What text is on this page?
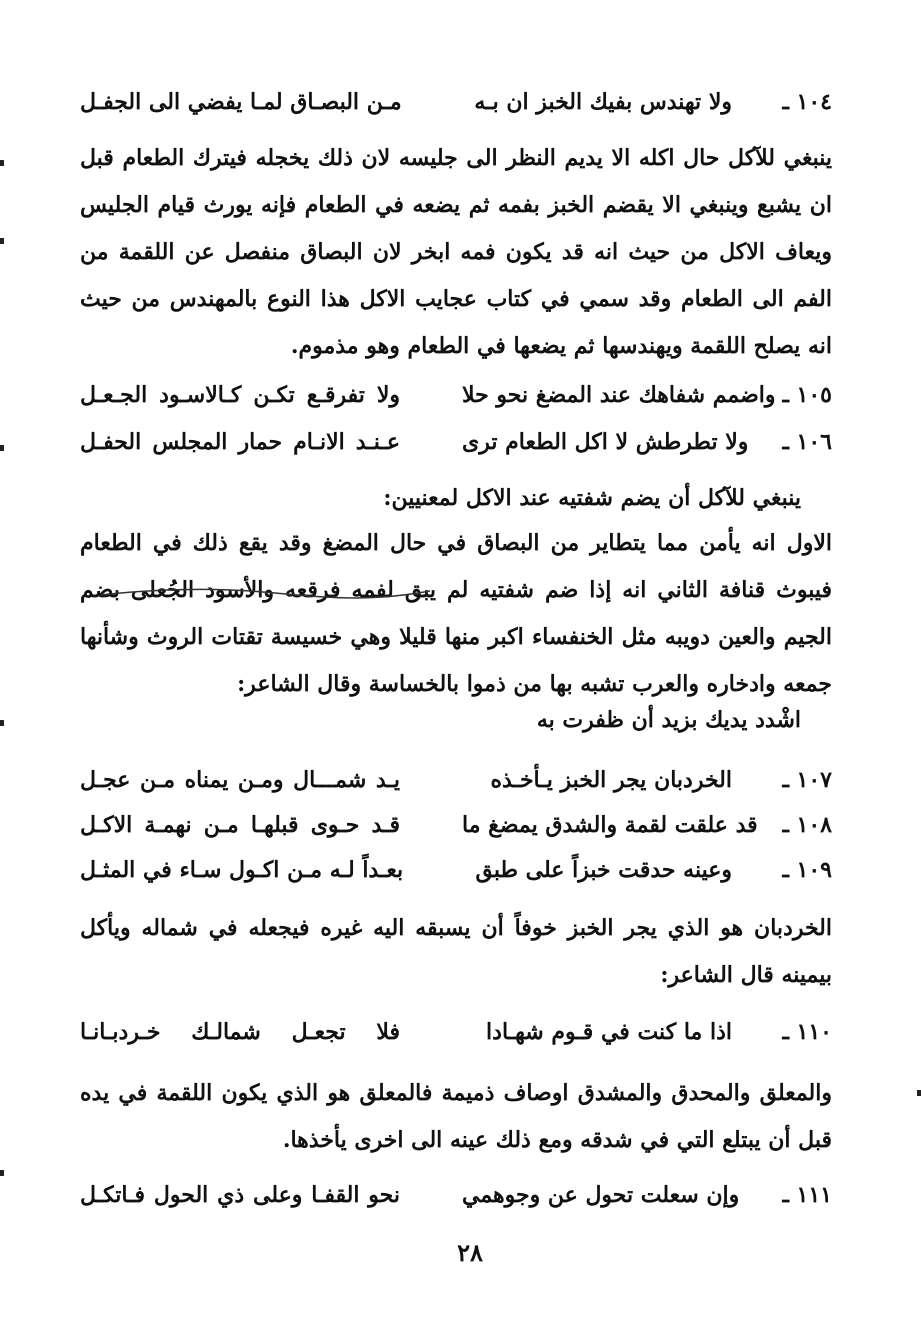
١٠٤ ـ
ولا تهندس بفيك الخبز ان بـه
مـن البصـاق لمـا يفضي الى الجفـل
ينبغي للآكل حال اكله الا يديم النظر الى جليسه لان ذلك يخجله فيترك الطعام قبل ان يشبع وينبغي الا يقضم الخبز بفمه ثم يضعه في الطعام فإنه يورث قيام الجليس ويعاف الاكل من حيث انه قد يكون فمه ابخر لان البصاق منفصل عن اللقمة من الفم الى الطعام وقد سمي في كتاب عجايب الاكل هذا النوع بالمهندس من حيث انه يصلح اللقمة ويهندسها ثم يضعها في الطعام وهو مذموم.
١٠٥ ـ
واضمم شفاهك عند المضغ نحو حلا
ولا تفرقـع تكـن كـالاسـود الجـعـل
١٠٦ ـ
ولا تطرطش لا اكل الطعام ترى
عـنـد الانـام حمار المجلس الحفـل
ينبغي للآكل أن يضم شفتيه عند الاكل لمعنيين:
الاول انه يأمن مما يتطاير من البصاق في حال المضغ وقد يقع ذلك في الطعام فيبوث قنافة الثاني انه إذا ضم شفتيه لم يبق لفمه فرقعه والأسود الجُعلى بضم الجيم والعين دويبه مثل الخنفساء اكبر منها قليلا وهي خسيسة تقتات الروث وشأنها جمعه وادخاره والعرب تشبه بها من ذموا بالخساسة وقال الشاعر:
اشْدد يديك بزيد أن ظفرت به
١٠٧ ـ
الخردبان يجر الخبز يـأخـذه
يـد شمـــال ومـن يمناه مـن عجـل
١٠٨ ـ
قد علقت لقمة والشدق يمضغ ما
قـد حـوى قبلهـا مـن نهمـة الاكـل
١٠٩ ـ
وعينه حدقت خبزاً على طبق
بعـداً لـه مـن اكـول سـاء في المثـل
الخردبان هو الذي يجر الخبز خوفاً أن يسبقه اليه غيره فيجعله في شماله ويأكل بيمينه قال الشاعر:
١١٠ ـ
اذا ما كنت في قـوم شهـادا
فلا تجعـل شمالـك خـردبـانـا
والمعلق والمحدق والمشدق اوصاف ذميمة فالمعلق هو الذي يكون اللقمة في يده قبل أن يبتلع التي في شدقه ومع ذلك عينه الى اخرى يأخذها.
١١١ ـ
وإن سعلت تحول عن وجوهمي
نحو القفـا وعلى ذي الحول فـاتكـل
٢٨
